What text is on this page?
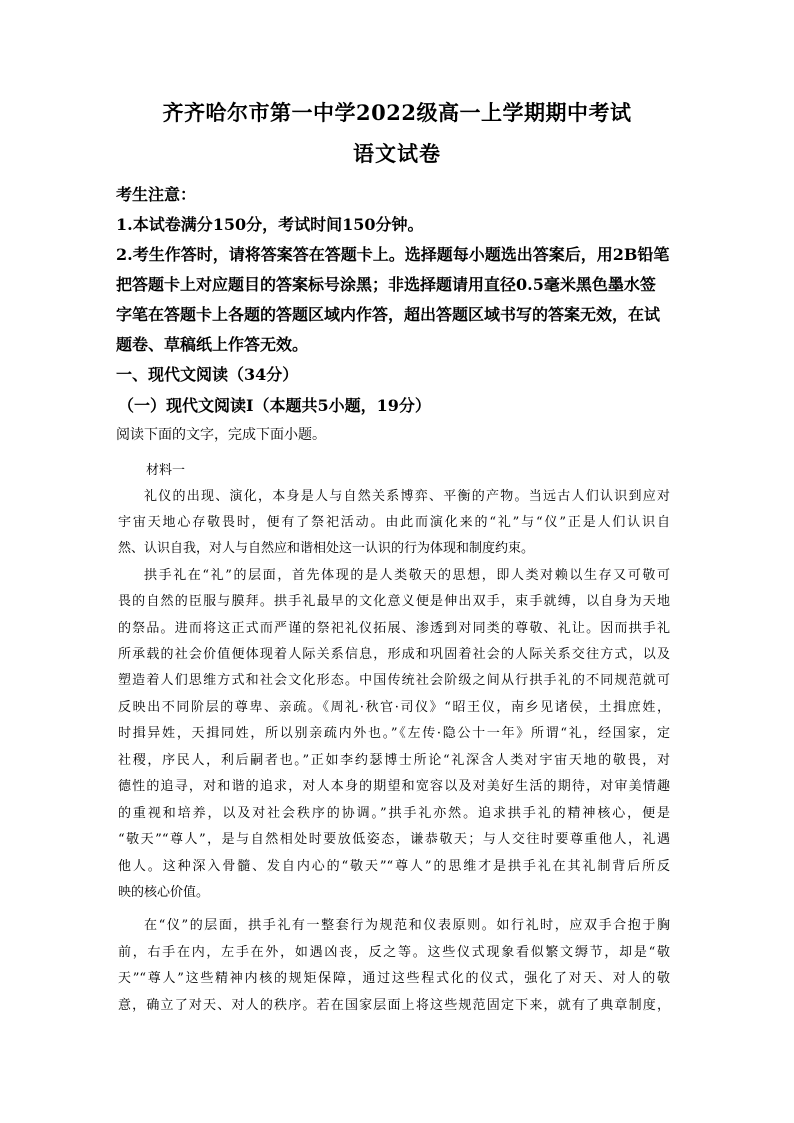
齐齐哈尔市第一中学2022级高一上学期期中考试
语文试卷
考生注意：
1.本试卷满分150分，考试时间150分钟。
2.考生作答时，请将答案答在答题卡上。选择题每小题选出答案后，用2B铅笔
把答题卡上对应题目的答案标号涂黑；非选择题请用直径0.5毫米黑色墨水签
字笔在答题卡上各题的答题区域内作答，超出答题区域书写的答案无效，在试
题卷、草稿纸上作答无效。
一、现代文阅读（34分）
（一）现代文阅读Ⅰ（本题共5小题，19分）
阅读下面的文字，完成下面小题。
材料一
礼仪的出现、演化，本身是人与自然关系博弈、平衡的产物。当远古人们认识到应对
宇宙天地心存敬畏时，便有了祭祀活动。由此而演化来的“礼”与“仪”正是人们认识自
然、认识自我，对人与自然应和谐相处这一认识的行为体现和制度约束。
拱手礼在“礼”的层面，首先体现的是人类敬天的思想，即人类对赖以生存又可敬可
畏的自然的臣服与膜拜。拱手礼最早的文化意义便是伸出双手，束手就缚，以自身为天地
的祭品。进而将这正式而严谨的祭祀礼仪拓展、渗透到对同类的尊敬、礼让。因而拱手礼
所承载的社会价值便体现着人际关系信息，形成和巩固着社会的人际关系交往方式，以及
塑造着人们思维方式和社会文化形态。中国传统社会阶级之间从行拱手礼的不同规范就可
反映出不同阶层的尊卑、亲疏。《周礼·秋官·司仪》“昭王仪，南乡见诸侯，土揖庶姓，
时揖异姓，天揖同姓，所以别亲疏内外也。”《左传·隐公十一年》所谓“礼，经国家，定
社稷，序民人，利后嗣者也。”正如李约瑟博士所论“礼深含人类对宇宙天地的敬畏，对
德性的追寻，对和谐的追求，对人本身的期望和宽容以及对美好生活的期待，对审美情趣
的重视和培养，以及对社会秩序的协调。”拱手礼亦然。追求拱手礼的精神核心，便是
“敬天”“尊人”，是与自然相处时要放低姿态，谦恭敬天；与人交往时要尊重他人，礼遇
他人。这种深入骨髓、发自内心的“敬天”“尊人”的思维才是拱手礼在其礼制背后所反
映的核心价值。
在“仪”的层面，拱手礼有一整套行为规范和仪表原则。如行礼时，应双手合抱于胸
前，右手在内，左手在外，如遇凶丧，反之等。这些仪式现象看似繁文缛节，却是“敬
天”“尊人”这些精神内核的规矩保障，通过这些程式化的仪式，强化了对天、对人的敬
意，确立了对天、对人的秩序。若在国家层面上将这些规范固定下来，就有了典章制度，
